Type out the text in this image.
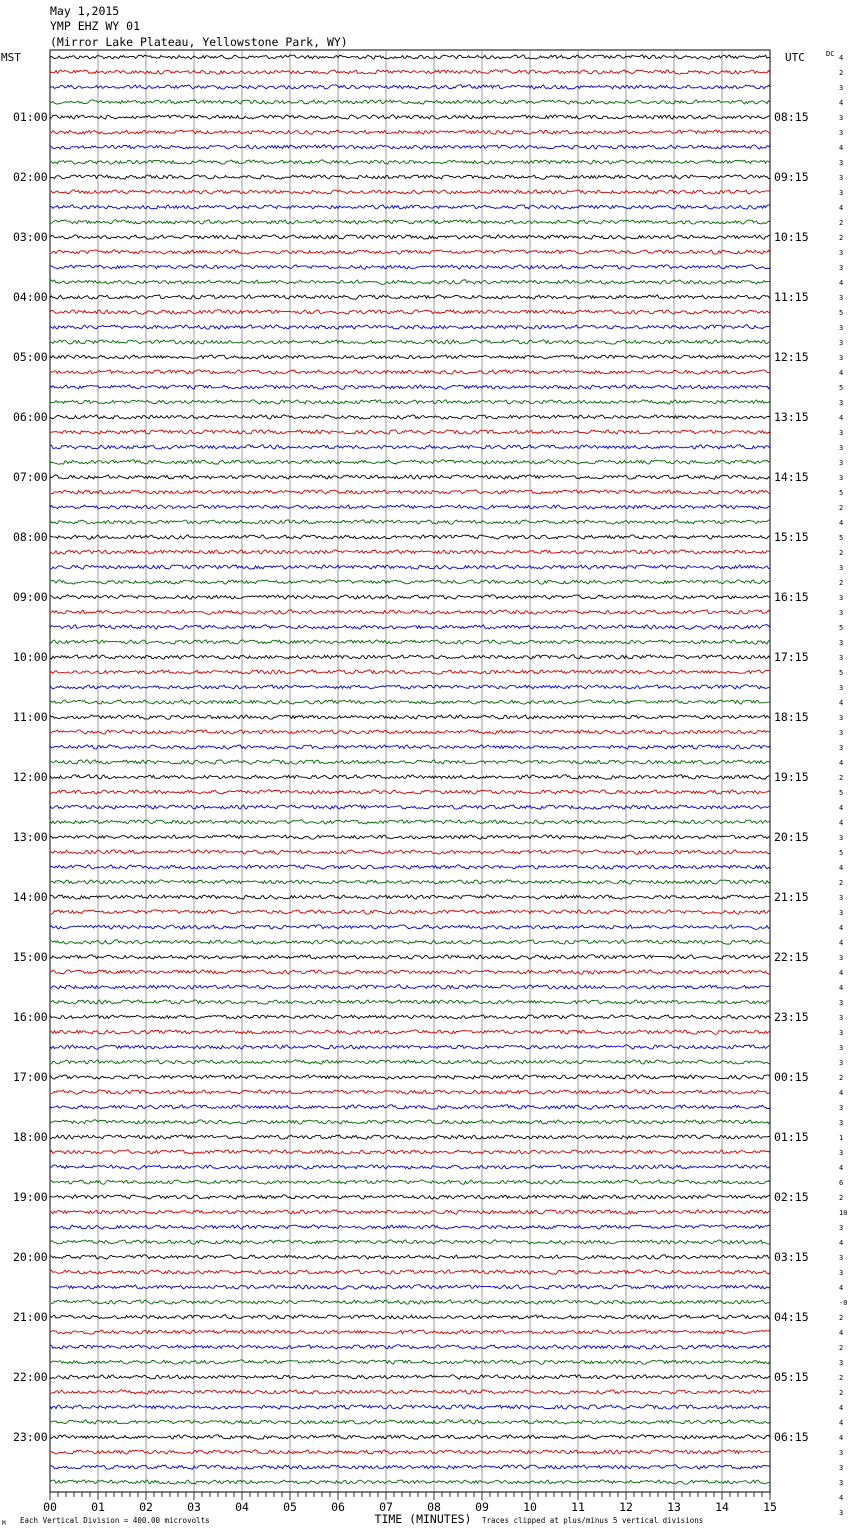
May 1,2015
YMP EHZ WY 01
(Mirror Lake Plateau, Yellowstone Park, WY)
MST	UTC	DC
01:00
02:00
03:00
04:00
05:00
06:00
07:00
08:00
09:00
10:00
11:00
12:00
13:00
14:00
15:00
16:00
17:00
18:00
19:00
20:00
21:00
22:00
23:00
08:15
09:15
10:15
11:15
12:15
13:15
14:15
15:15
16:15
17:15
18:15
19:15
20:15
21:15
22:15
23:15
00:15
01:15
02:15
03:15
04:15
05:15
06:15
4
2
3
4
3
3
4
3
3
3
4
2
2
3
3
4
3
5
3
3
3
4
5
3
4
3
3
3
3
5
2
4
5
2
3
2
3
3
5
3
3
5
3
4
3
3
3
4
2
5
4
4
3
5
4
2
3
3
4
4
3
4
4
3
3
3
3
3
2
4
3
3
1
3
4
6
2
10
3
4
3
3
4
-0
2
4
2
3
2
2
4
4
4
3
3
3
4
3
00	01	02	03	04	05	06	07	08	09	10	11	12	13	14	15
TIME (MINUTES)
M Each Vertical Division = 400.00 microvolts	Traces clipped at plus/minus 5 vertical divisions
